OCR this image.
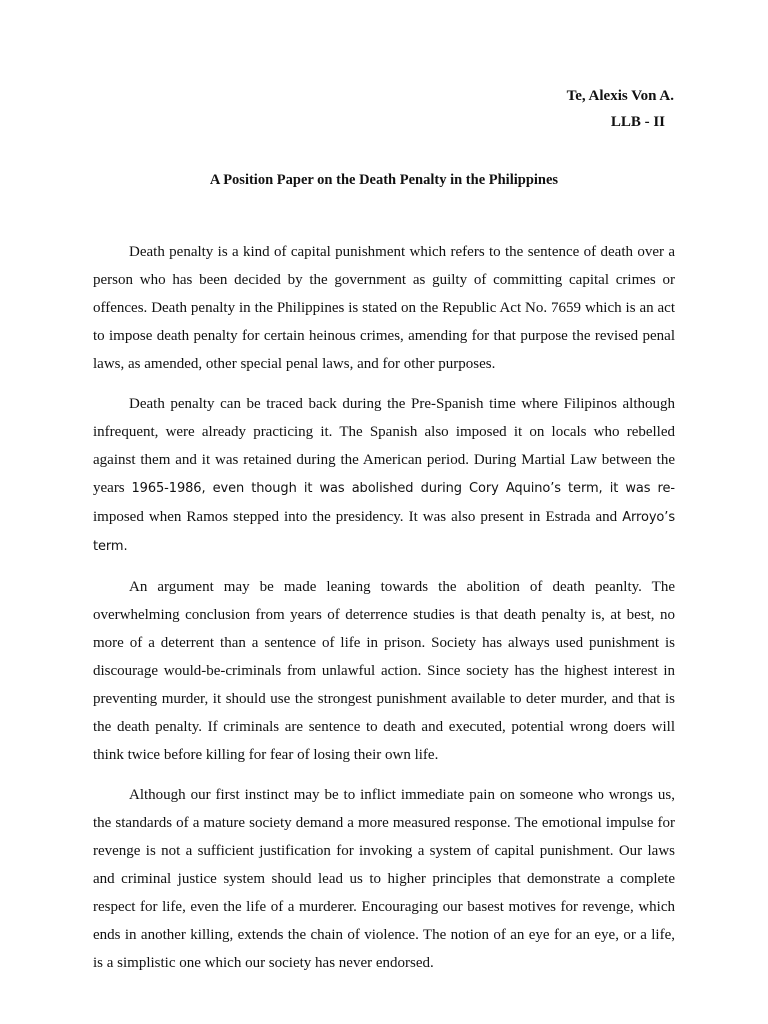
Te, Alexis Von A.
LLB - II
A Position Paper on the Death Penalty in the Philippines

Death penalty is a kind of capital punishment which refers to the sentence of death over a person who has been decided by the government as guilty of committing capital crimes or offences. Death penalty in the Philippines is stated on the Republic Act No. 7659 which is an act to impose death penalty for certain heinous crimes, amending for that purpose the revised penal laws, as amended, other special penal laws, and for other purposes.

Death penalty can be traced back during the Pre-Spanish time where Filipinos although infrequent, were already practicing it. The Spanish also imposed it on locals who rebelled against them and it was retained during the American period. During Martial Law between the years 1965-1986, even though it was abolished during Cory Aquino’s term, it was re- imposed when Ramos stepped into the presidency. It was also present in Estrada and Arroyo’s term.

An argument may be made leaning towards the abolition of death peanlty. The overwhelming conclusion from years of deterrence studies is that death penalty is, at best, no more of a deterrent than a sentence of life in prison. Society has always used punishment is discourage would-be-criminals from unlawful action. Since society has the highest interest in preventing murder, it should use the strongest punishment available to deter murder, and that is the death penalty. If criminals are sentence to death and executed, potential wrong doers will think twice before killing for fear of losing their own life.

Although our first instinct may be to inflict immediate pain on someone who wrongs us, the standards of a mature society demand a more measured response. The emotional impulse for revenge is not a sufficient justification for invoking a system of capital punishment. Our laws and criminal justice system should lead us to higher principles that demonstrate a complete respect for life, even the life of a murderer. Encouraging our basest motives for revenge, which ends in another killing, extends the chain of violence. The notion of an eye for an eye, or a life, is a simplistic one which our society has never endorsed.
